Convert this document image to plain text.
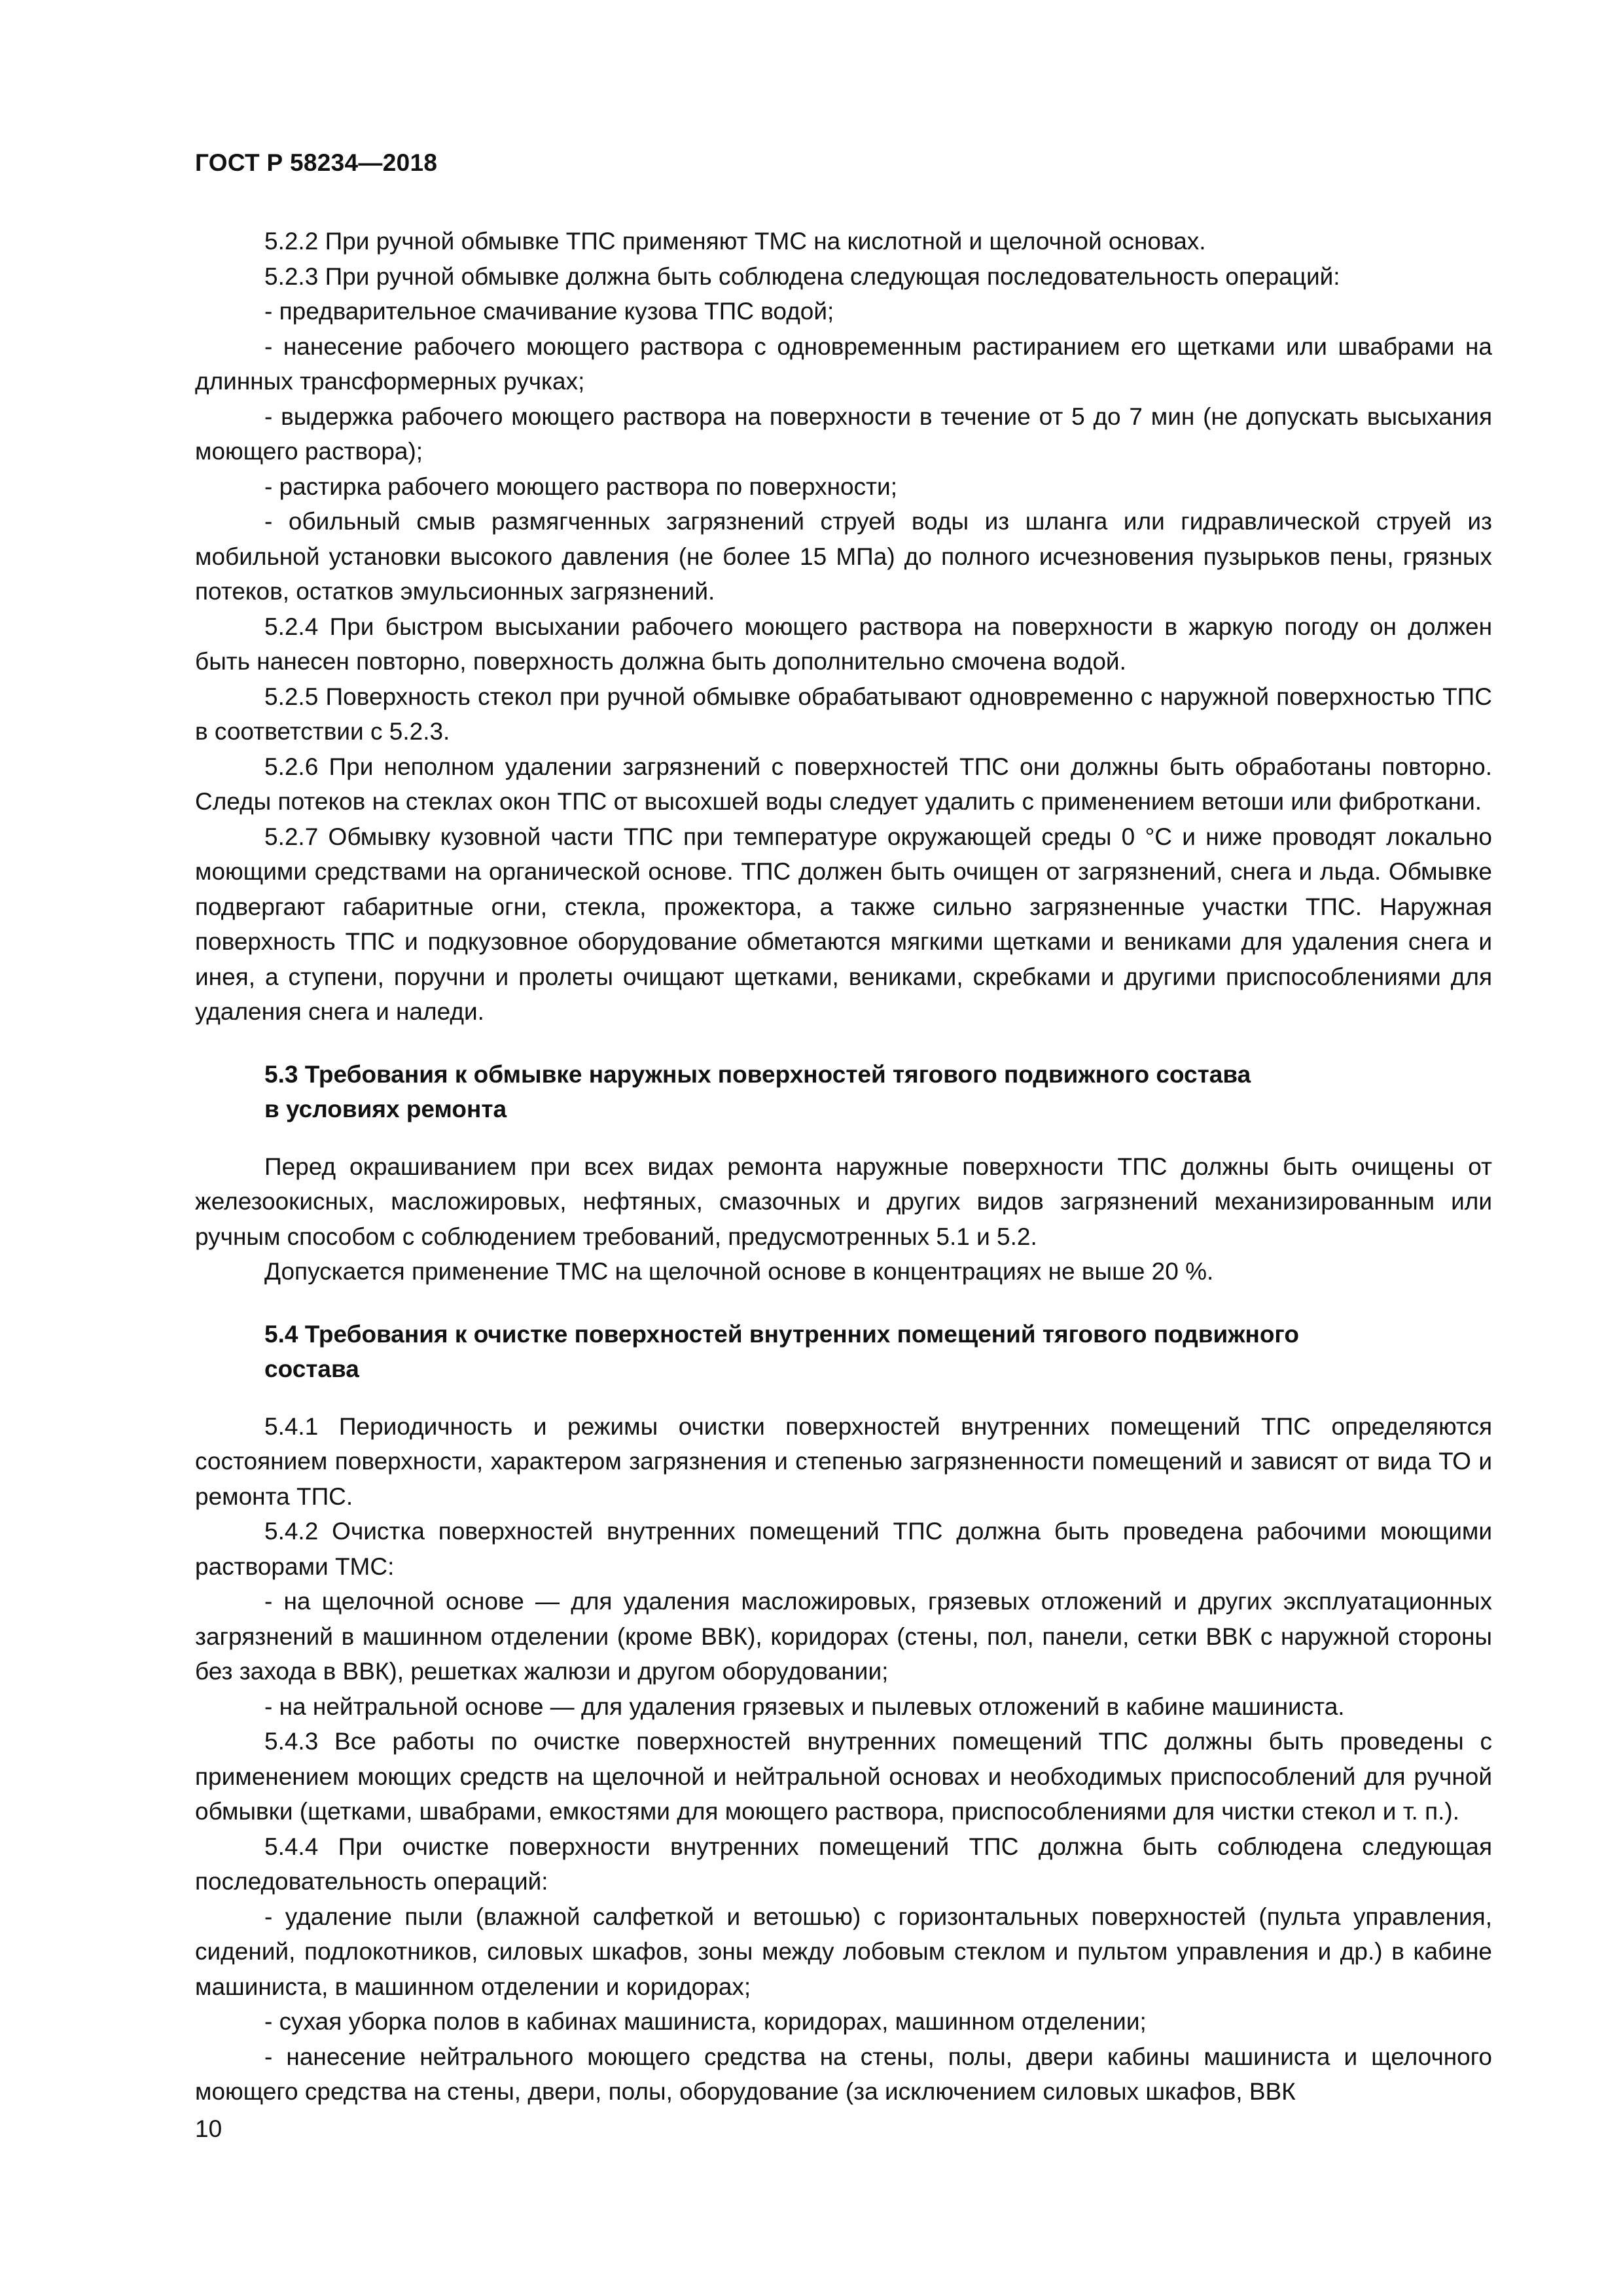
ГОСТ Р 58234—2018

5.2.2 При ручной обмывке ТПС применяют ТМС на кислотной и щелочной основах.

5.2.3 При ручной обмывке должна быть соблюдена следующая последовательность операций:

- предварительное смачивание кузова ТПС водой;

- нанесение рабочего моющего раствора с одновременным растиранием его щетками или швабрами на длинных трансформерных ручках;

- выдержка рабочего моющего раствора на поверхности в течение от 5 до 7 мин (не допускать высыхания моющего раствора);

- растирка рабочего моющего раствора по поверхности;

- обильный смыв размягченных загрязнений струей воды из шланга или гидравлической струей из мобильной установки высокого давления (не более 15 МПа) до полного исчезновения пузырьков пены, грязных потеков, остатков эмульсионных загрязнений.

5.2.4 При быстром высыхании рабочего моющего раствора на поверхности в жаркую погоду он должен быть нанесен повторно, поверхность должна быть дополнительно смочена водой.

5.2.5 Поверхность стекол при ручной обмывке обрабатывают одновременно с наружной поверхностью ТПС в соответствии с 5.2.3.

5.2.6 При неполном удалении загрязнений с поверхностей ТПС они должны быть обработаны повторно. Следы потеков на стеклах окон ТПС от высохшей воды следует удалить с применением ветоши или фиброткани.

5.2.7 Обмывку кузовной части ТПС при температуре окружающей среды 0 °С и ниже проводят локально моющими средствами на органической основе. ТПС должен быть очищен от загрязнений, снега и льда. Обмывке подвергают габаритные огни, стекла, прожектора, а также сильно загрязненные участки ТПС. Наружная поверхность ТПС и подкузовное оборудование обметаются мягкими щетками и вениками для удаления снега и инея, а ступени, поручни и пролеты очищают щетками, вениками, скребками и другими приспособлениями для удаления снега и наледи.

5.3 Требования к обмывке наружных поверхностей тягового подвижного состава
в условиях ремонта

Перед окрашиванием при всех видах ремонта наружные поверхности ТПС должны быть очищены от железоокисных, масложировых, нефтяных, смазочных и других видов загрязнений механизированным или ручным способом с соблюдением требований, предусмотренных 5.1 и 5.2.

Допускается применение ТМС на щелочной основе в концентрациях не выше 20 %.

5.4 Требования к очистке поверхностей внутренних помещений тягового подвижного
состава

5.4.1 Периодичность и режимы очистки поверхностей внутренних помещений ТПС определяются состоянием поверхности, характером загрязнения и степенью загрязненности помещений и зависят от вида ТО и ремонта ТПС.

5.4.2 Очистка поверхностей внутренних помещений ТПС должна быть проведена рабочими моющими растворами ТМС:

- на щелочной основе — для удаления масложировых, грязевых отложений и других эксплуатационных загрязнений в машинном отделении (кроме ВВК), коридорах (стены, пол, панели, сетки ВВК с наружной стороны без захода в ВВК), решетках жалюзи и другом оборудовании;

- на нейтральной основе — для удаления грязевых и пылевых отложений в кабине машиниста.

5.4.3 Все работы по очистке поверхностей внутренних помещений ТПС должны быть проведены с применением моющих средств на щелочной и нейтральной основах и необходимых приспособлений для ручной обмывки (щетками, швабрами, емкостями для моющего раствора, приспособлениями для чистки стекол и т. п.).

5.4.4 При очистке поверхности внутренних помещений ТПС должна быть соблюдена следующая последовательность операций:

- удаление пыли (влажной салфеткой и ветошью) с горизонтальных поверхностей (пульта управления, сидений, подлокотников, силовых шкафов, зоны между лобовым стеклом и пультом управления и др.) в кабине машиниста, в машинном отделении и коридорах;

- сухая уборка полов в кабинах машиниста, коридорах, машинном отделении;

- нанесение нейтрального моющего средства на стены, полы, двери кабины машиниста и щелочного моющего средства на стены, двери, полы, оборудование (за исключением силовых шкафов, ВВК

10
